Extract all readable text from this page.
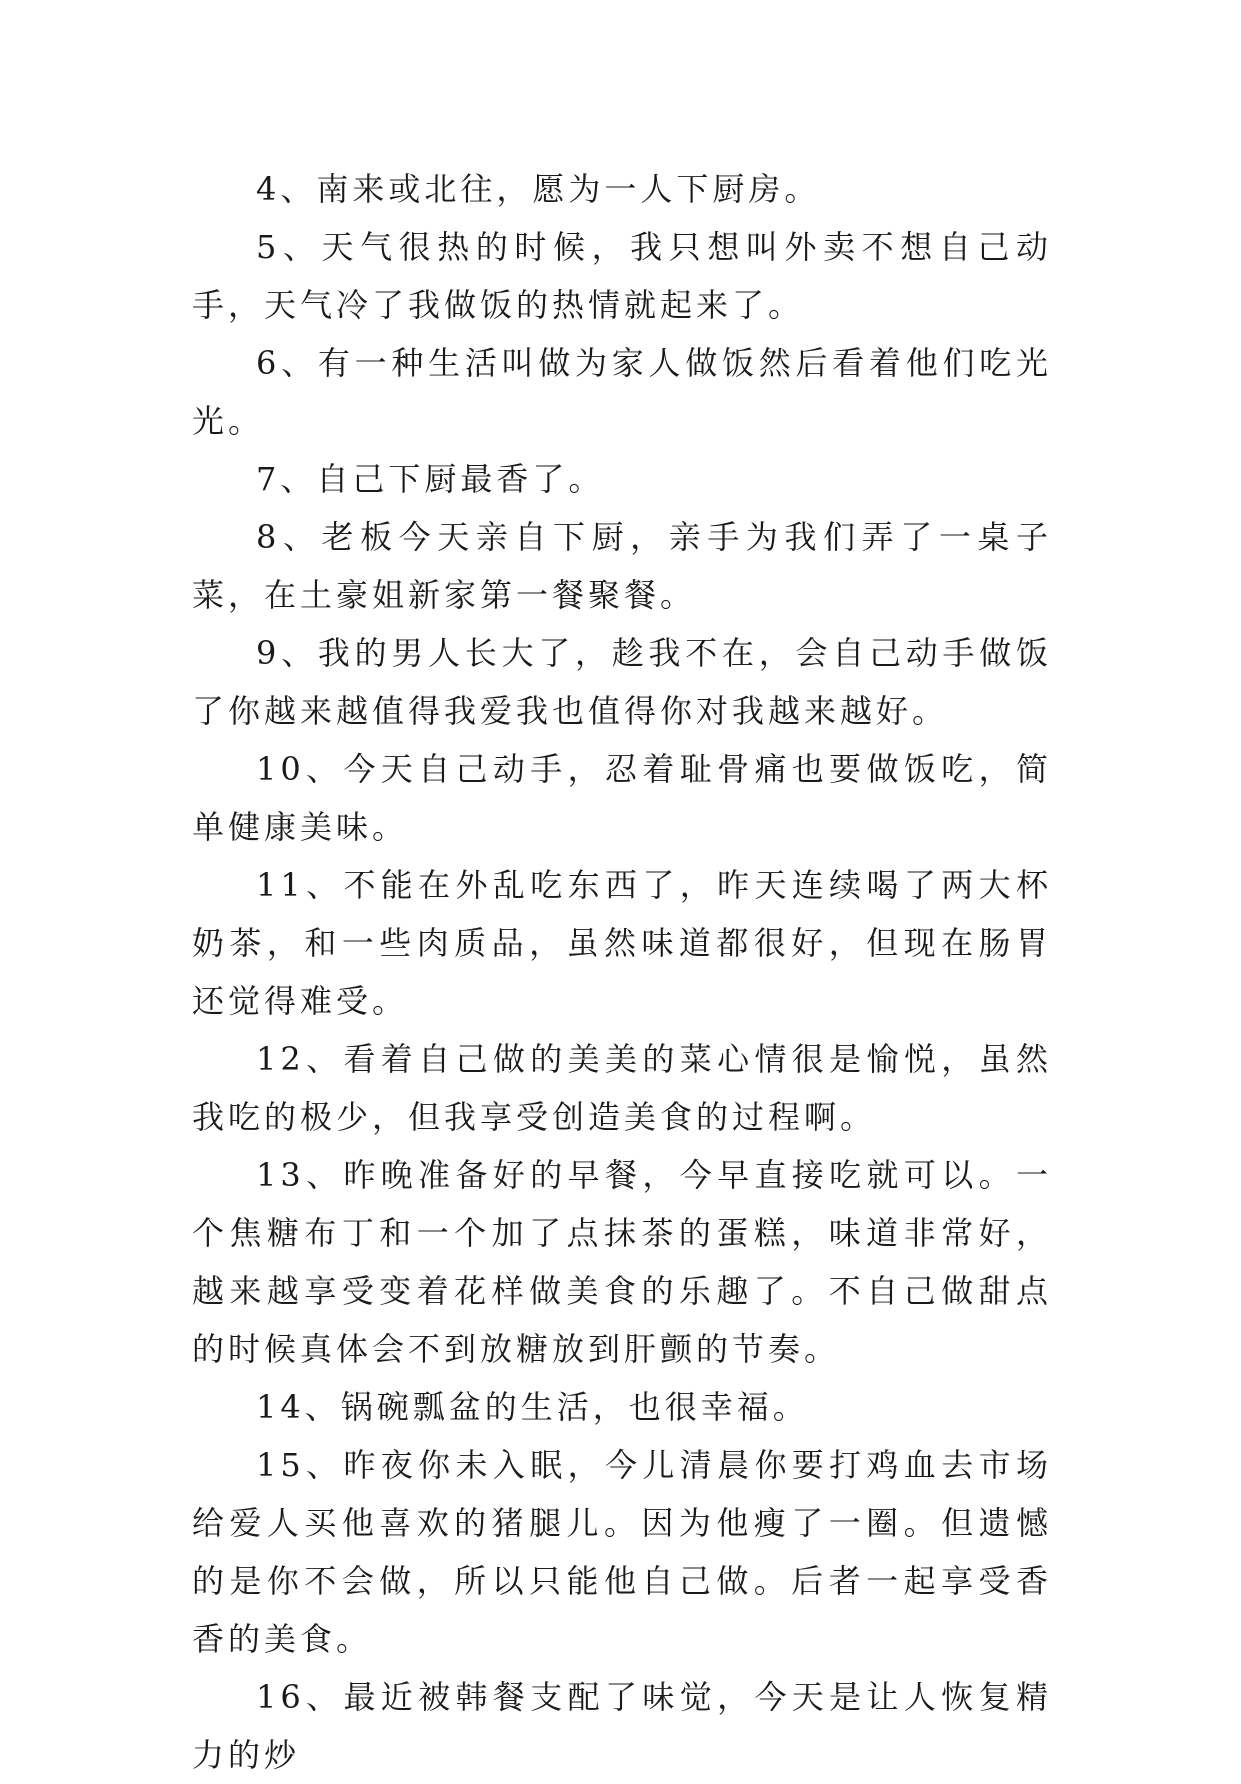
4、南来或北往，愿为一人下厨房。

5、天气很热的时候，我只想叫外卖不想自己动手，天气冷了我做饭的热情就起来了。

6、有一种生活叫做为家人做饭然后看着他们吃光光。

7、自己下厨最香了。

8、老板今天亲自下厨，亲手为我们弄了一桌子菜，在土豪姐新家第一餐聚餐。

9、我的男人长大了，趁我不在，会自己动手做饭了你越来越值得我爱我也值得你对我越来越好。

10、今天自己动手，忍着耻骨痛也要做饭吃，简单健康美味。

11、不能在外乱吃东西了，昨天连续喝了两大杯奶茶，和一些肉质品，虽然味道都很好，但现在肠胃还觉得难受。

12、看着自己做的美美的菜心情很是愉悦，虽然我吃的极少，但我享受创造美食的过程啊。

13、昨晚准备好的早餐，今早直接吃就可以。一个焦糖布丁和一个加了点抹茶的蛋糕，味道非常好，越来越享受变着花样做美食的乐趣了。不自己做甜点的时候真体会不到放糖放到肝颤的节奏。

14、锅碗瓢盆的生活，也很幸福。

15、昨夜你未入眠，今儿清晨你要打鸡血去市场给爱人买他喜欢的猪腿儿。因为他瘦了一圈。但遗憾的是你不会做，所以只能他自己做。后者一起享受香香的美食。

16、最近被韩餐支配了味觉，今天是让人恢复精力的炒
